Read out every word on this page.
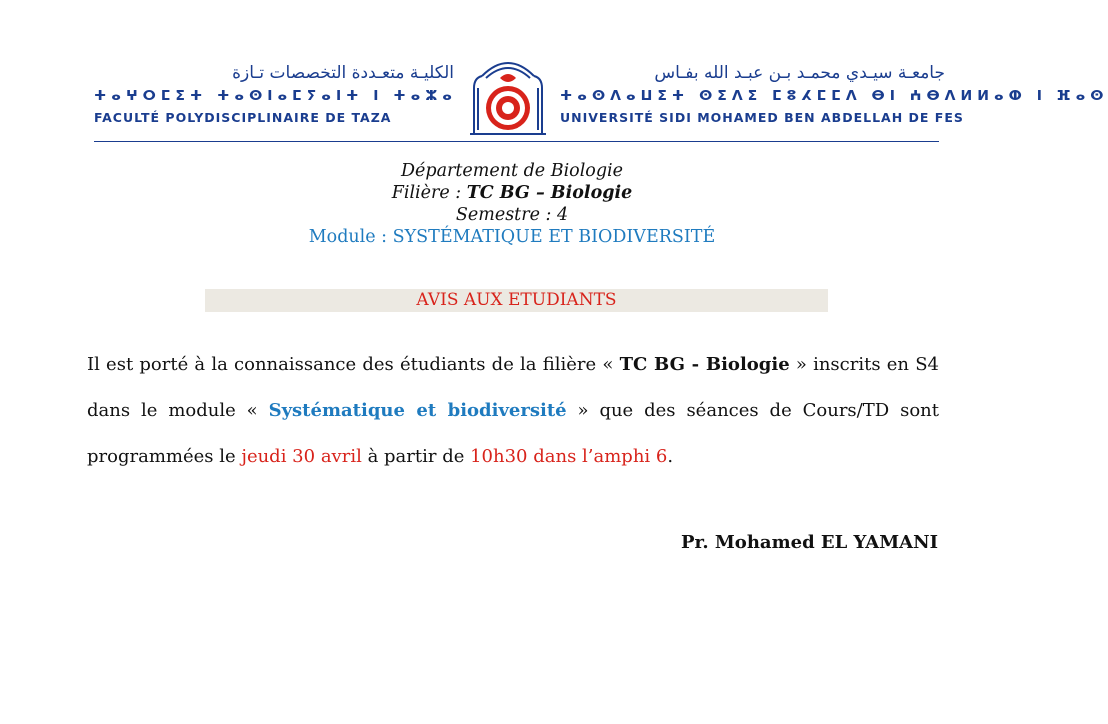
الكليـة متعـددة التخصصات تـازة
ⵜⴰⵖⵔⵎⵉⵜ ⵜⴰⵙⵏⴰⵎⵢⴰⵏⵜ ⵏ ⵜⴰⵣⴰ
FACULTÉ POLYDISCIPLINAIRE DE TAZA
جامعـة سيـدي محمـد بـن عبـد الله بفـاس
ⵜⴰⵙⴷⴰⵡⵉⵜ ⵙⵉⴷⵉ ⵎⵓⵃⵎⵎⴷ ⴱⵏ ⵄⴱⴷⵍⵍⴰⵀ ⵏ ⴼⴰⵙ
UNIVERSITÉ SIDI MOHAMED BEN ABDELLAH DE FES
Département de Biologie
Filière : TC BG – Biologie
Semestre : 4
Module : SYSTÉMATIQUE ET BIODIVERSITÉ
AVIS AUX ETUDIANTS
Il est porté à la connaissance des étudiants de la filière « TC BG - Biologie » inscrits en S4 dans le module « Systématique et biodiversité » que des séances de Cours/TD sont programmées le jeudi 30 avril à partir de 10h30 dans l’amphi 6.
Pr. Mohamed EL YAMANI
